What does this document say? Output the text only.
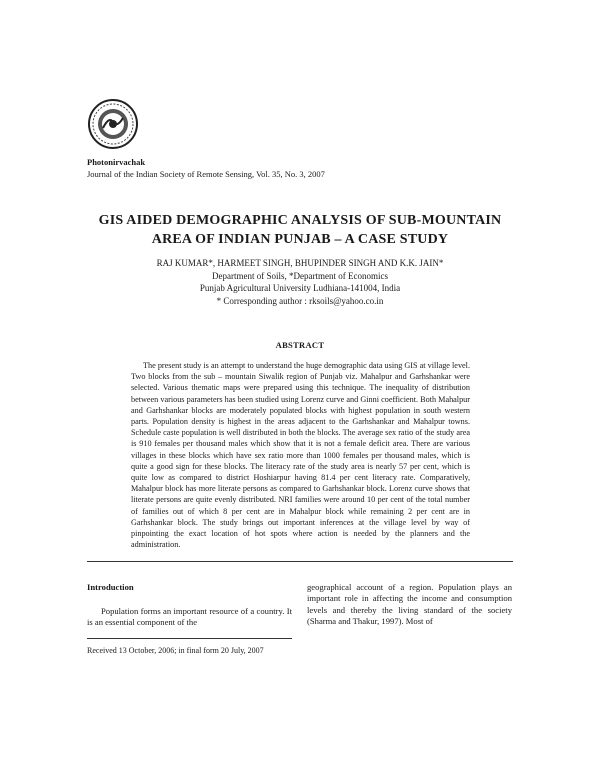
Photonirvachak
Journal of the Indian Society of Remote Sensing, Vol. 35, No. 3, 2007
GIS AIDED DEMOGRAPHIC ANALYSIS OF SUB-MOUNTAIN
AREA OF INDIAN PUNJAB – A CASE STUDY
RAJ KUMAR*, HARMEET SINGH, BHUPINDER SINGH AND K.K. JAIN*
Department of Soils, *Department of Economics
Punjab Agricultural University Ludhiana-141004, India
* Corresponding author : rksoils@yahoo.co.in
ABSTRACT
The present study is an attempt to understand the huge demographic data using GIS at village level. Two blocks from the sub – mountain Siwalik region of Punjab viz. Mahalpur and Garhshankar were selected. Various thematic maps were prepared using this technique. The inequality of distribution between various parameters has been studied using Lorenz curve and Ginni coefficient. Both Mahalpur and Garhshankar blocks are moderately populated blocks with highest population in south western parts. Population density is highest in the areas adjacent to the Garhshankar and Mahalpur towns. Schedule caste population is well distributed in both the blocks. The average sex ratio of the study area is 910 females per thousand males which show that it is not a female deficit area. There are various villages in these blocks which have sex ratio more than 1000 females per thousand males, which is quite a good sign for these blocks. The literacy rate of the study area is nearly 57 per cent, which is quite low as compared to district Hoshiarpur having 81.4 per cent literacy rate. Comparatively, Mahalpur block has more literate persons as compared to Garhshankar block. Lorenz curve shows that literate persons are quite evenly distributed. NRI families were around 10 per cent of the total number of families out of which 8 per cent are in Mahalpur block while remaining 2 per cent are in Garhshankar block. The study brings out important inferences at the village level by way of pinpointing the exact location of hot spots where action is needed by the planners and the administration.
Introduction
Population forms an important resource of a country. It is an essential component of the
geographical account of a region. Population plays an important role in affecting the income and consumption levels and thereby the living standard of the society (Sharma and Thakur, 1997). Most of
Received 13 October, 2006; in final form 20 July, 2007
